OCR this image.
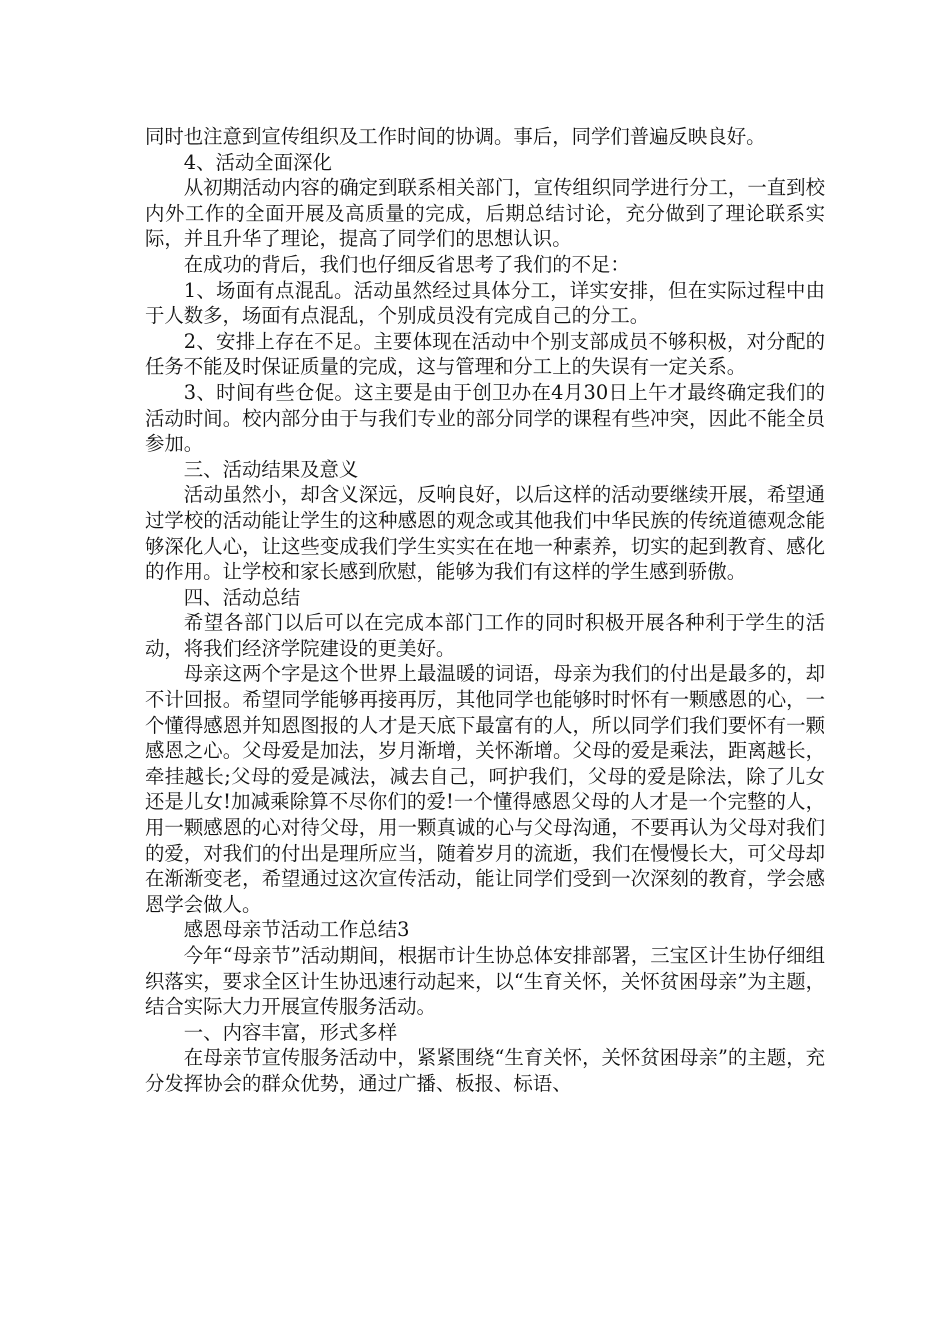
同时也注意到宣传组织及工作时间的协调。事后，同学们普遍反映良好。

4、活动全面深化

从初期活动内容的确定到联系相关部门，宣传组织同学进行分工，一直到校内外工作的全面开展及高质量的完成，后期总结讨论，充分做到了理论联系实际，并且升华了理论，提高了同学们的思想认识。

在成功的背后，我们也仔细反省思考了我们的不足：

1、场面有点混乱。活动虽然经过具体分工，详实安排，但在实际过程中由于人数多，场面有点混乱，个别成员没有完成自己的分工。

2、安排上存在不足。主要体现在活动中个别支部成员不够积极，对分配的任务不能及时保证质量的完成，这与管理和分工上的失误有一定关系。

3、时间有些仓促。这主要是由于创卫办在4月30日上午才最终确定我们的活动时间。校内部分由于与我们专业的部分同学的课程有些冲突，因此不能全员参加。

三、活动结果及意义

活动虽然小，却含义深远，反响良好，以后这样的活动要继续开展，希望通过学校的活动能让学生的这种感恩的观念或其他我们中华民族的传统道德观念能够深化人心，让这些变成我们学生实实在在地一种素养，切实的起到教育、感化的作用。让学校和家长感到欣慰，能够为我们有这样的学生感到骄傲。

四、活动总结

希望各部门以后可以在完成本部门工作的同时积极开展各种利于学生的活动，将我们经济学院建设的更美好。

母亲这两个字是这个世界上最温暖的词语，母亲为我们的付出是最多的，却不计回报。希望同学能够再接再厉，其他同学也能够时时怀有一颗感恩的心，一个懂得感恩并知恩图报的人才是天底下最富有的人，所以同学们我们要怀有一颗感恩之心。父母爱是加法，岁月渐增，关怀渐增。父母的爱是乘法，距离越长，牵挂越长;父母的爱是减法，减去自己，呵护我们，父母的爱是除法，除了儿女还是儿女!加减乘除算不尽你们的爱!一个懂得感恩父母的人才是一个完整的人，用一颗感恩的心对待父母，用一颗真诚的心与父母沟通，不要再认为父母对我们的爱，对我们的付出是理所应当，随着岁月的流逝，我们在慢慢长大，可父母却在渐渐变老，希望通过这次宣传活动，能让同学们受到一次深刻的教育，学会感恩学会做人。

感恩母亲节活动工作总结3

今年“母亲节”活动期间，根据市计生协总体安排部署，三宝区计生协仔细组织落实，要求全区计生协迅速行动起来，以“生育关怀，关怀贫困母亲”为主题，结合实际大力开展宣传服务活动。

一、内容丰富，形式多样

在母亲节宣传服务活动中，紧紧围绕“生育关怀，关怀贫困母亲”的主题，充分发挥协会的群众优势，通过广播、板报、标语、
